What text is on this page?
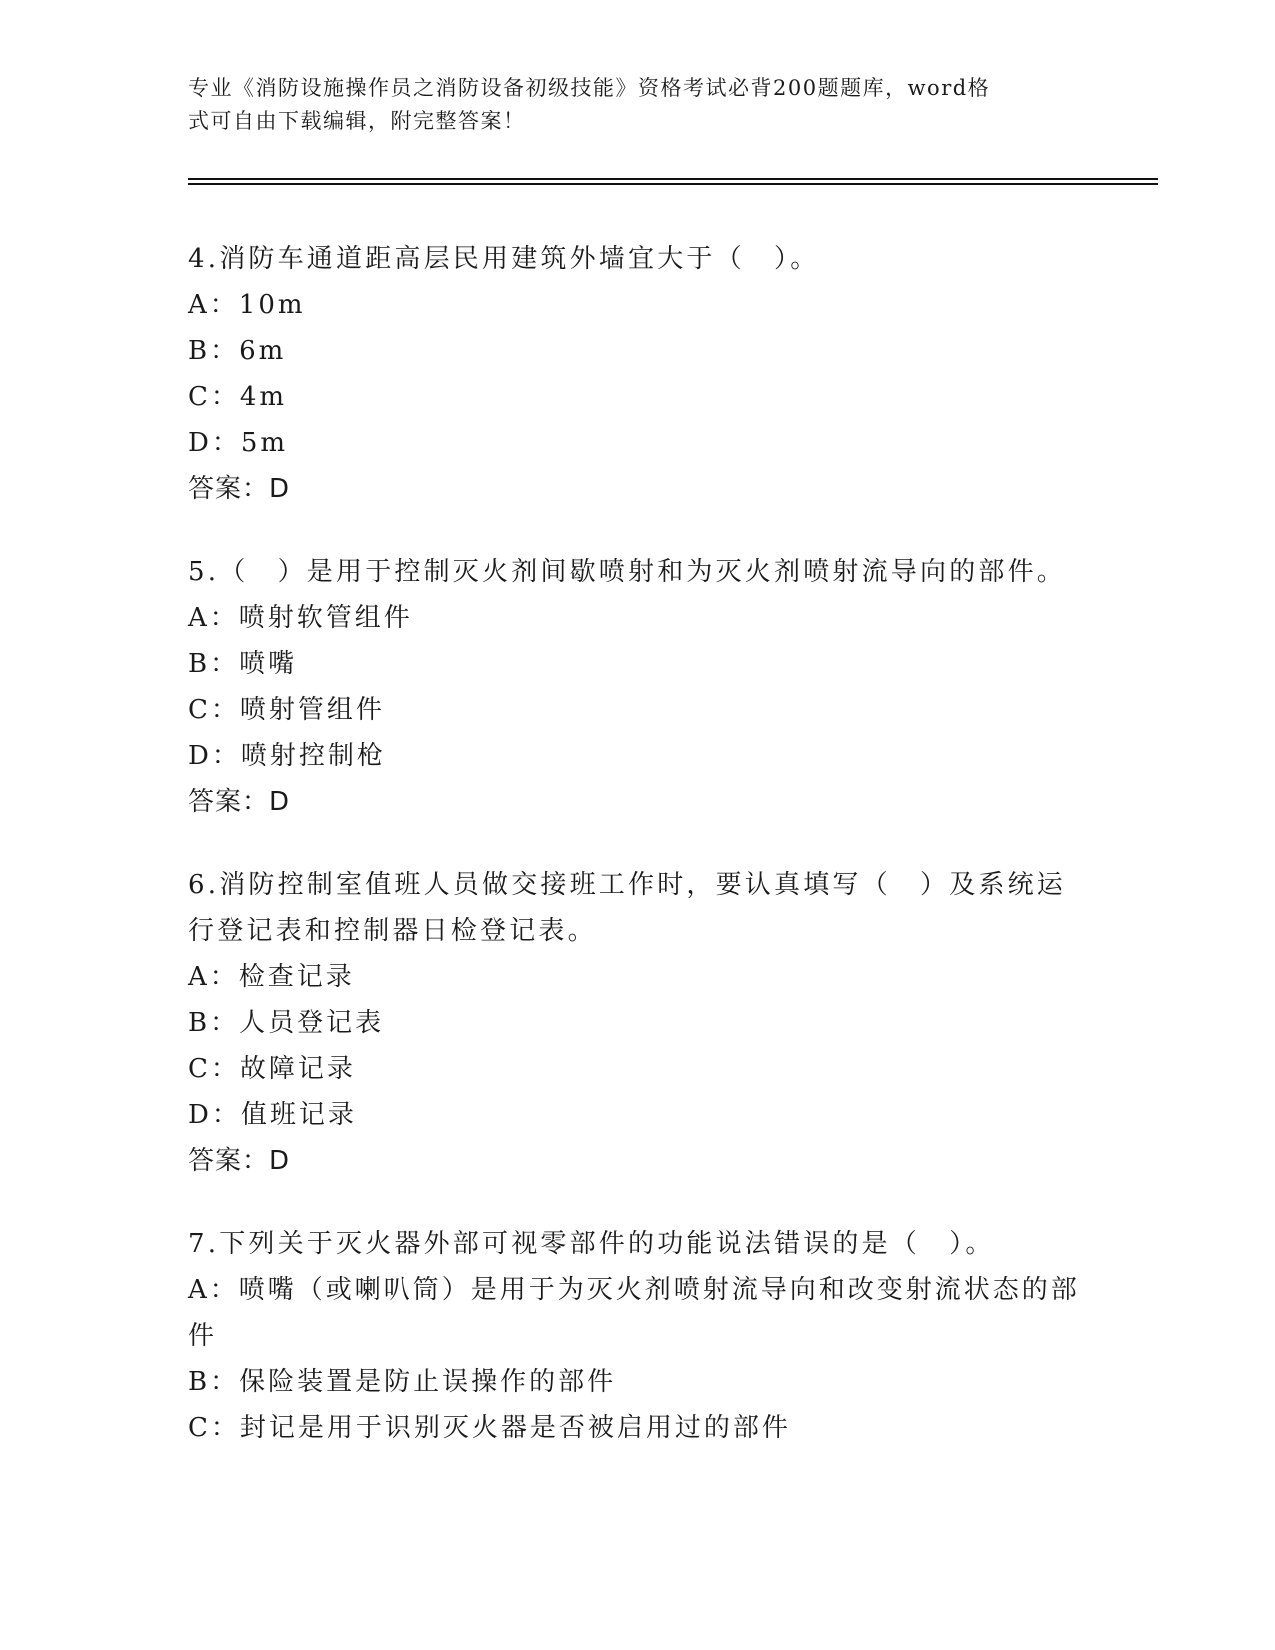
专业《消防设施操作员之消防设备初级技能》资格考试必背200题题库，word格
式可自由下载编辑，附完整答案！
4.消防车通道距高层民用建筑外墙宜大于（　）。
A：10m
B：6m
C：4m
D：5m
答案：D
5.（　）是用于控制灭火剂间歇喷射和为灭火剂喷射流导向的部件。
A：喷射软管组件
B：喷嘴
C：喷射管组件
D：喷射控制枪
答案：D
6.消防控制室值班人员做交接班工作时，要认真填写（　）及系统运
行登记表和控制器日检登记表。
A：检查记录
B：人员登记表
C：故障记录
D：值班记录
答案：D
7.下列关于灭火器外部可视零部件的功能说法错误的是（　）。
A：喷嘴（或喇叭筒）是用于为灭火剂喷射流导向和改变射流状态的部
件
B：保险装置是防止误操作的部件
C：封记是用于识别灭火器是否被启用过的部件
